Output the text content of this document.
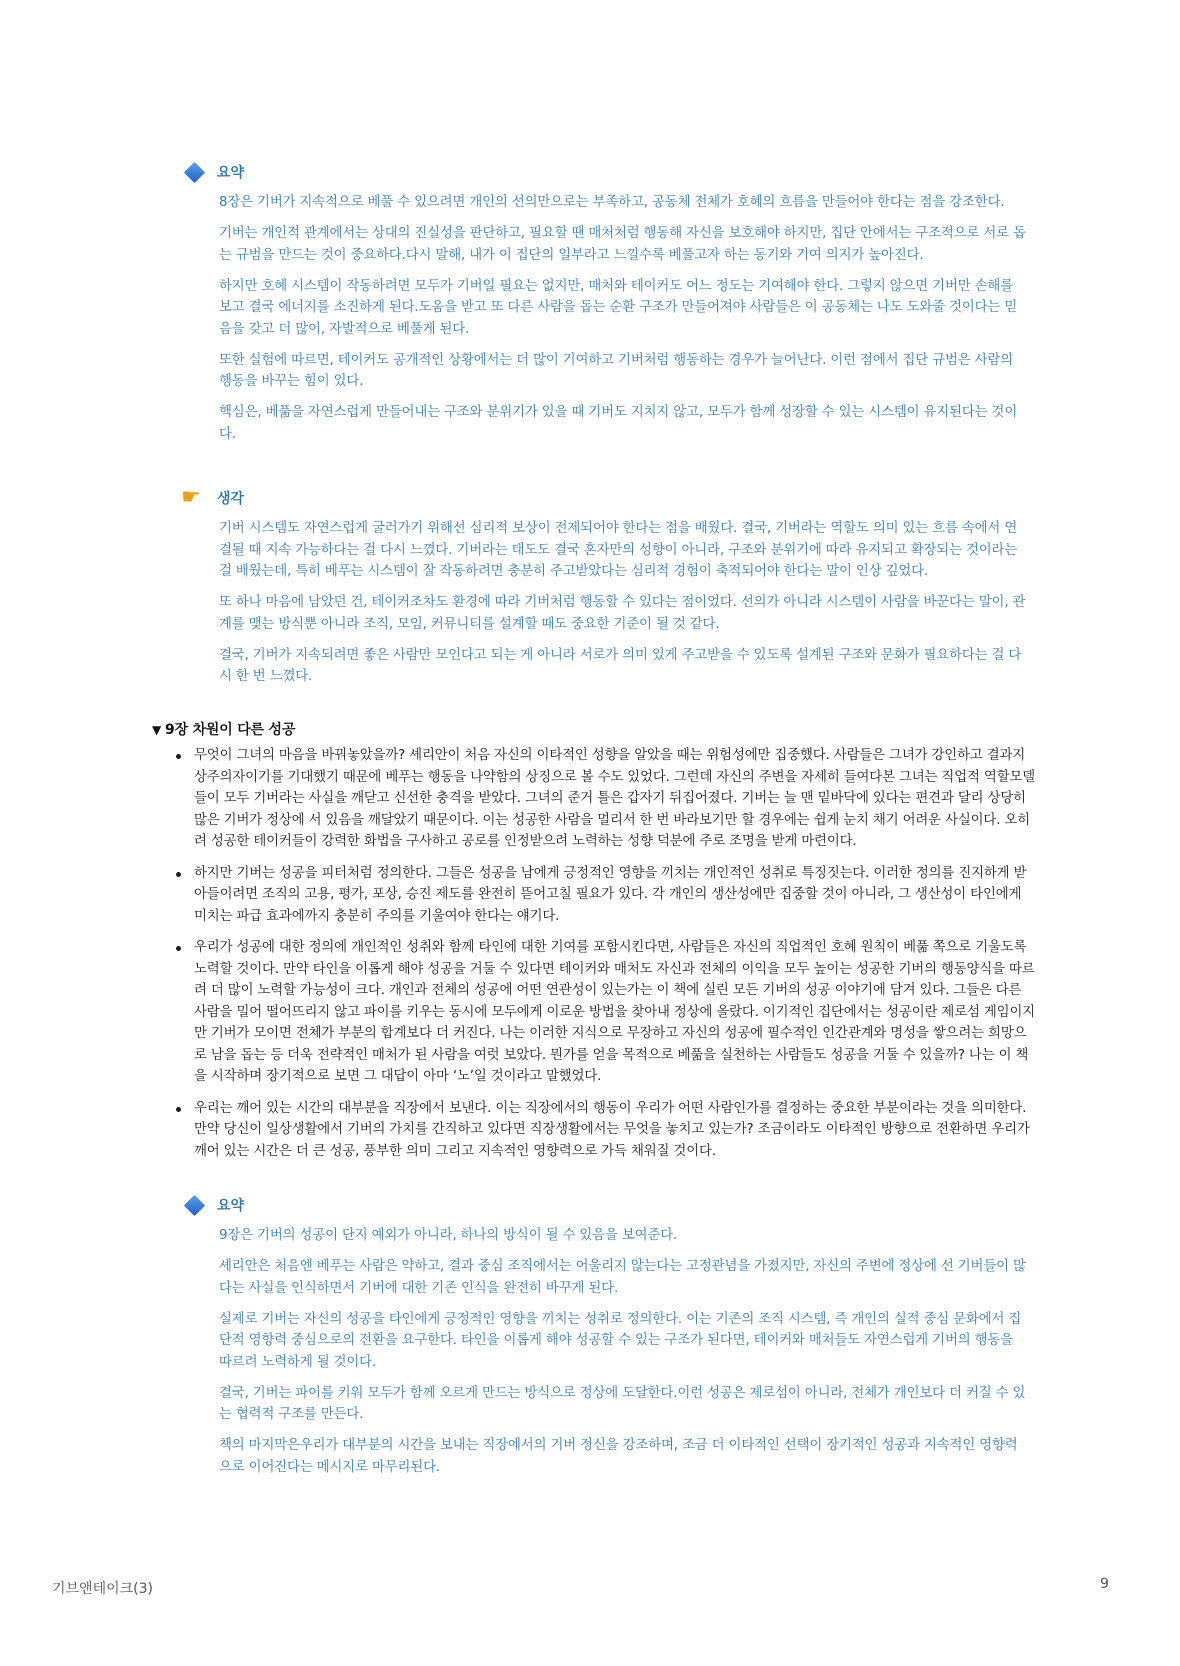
요약

8장은 기버가 지속적으로 베풀 수 있으려면 개인의 선의만으로는 부족하고, 공동체 전체가 호혜의 흐름을 만들어야 한다는 점을 강조한다.

기버는 개인적 관계에서는 상대의 진실성을 판단하고, 필요할 땐 매처처럼 행동해 자신을 보호해야 하지만, 집단 안에서는 구조적으로 서로 돕는 규범을 만드는 것이 중요하다.다시 말해, 내가 이 집단의 일부라고 느낄수록 베풀고자 하는 동기와 기여 의지가 높아진다.

하지만 호혜 시스템이 작동하려면 모두가 기버일 필요는 없지만, 매처와 테이커도 어느 정도는 기여해야 한다. 그렇지 않으면 기버만 손해를 보고 결국 에너지를 소진하게 된다.도움을 받고 또 다른 사람을 돕는 순환 구조가 만들어져야 사람들은 이 공동체는 나도 도와줄 것이다는 믿음을 갖고 더 많이, 자발적으로 베풀게 된다.

또한 실험에 따르면, 테이커도 공개적인 상황에서는 더 많이 기여하고 기버처럼 행동하는 경우가 늘어난다. 이런 점에서 집단 규범은 사람의 행동을 바꾸는 힘이 있다.

핵심은, 베풂을 자연스럽게 만들어내는 구조와 분위기가 있을 때 기버도 지치지 않고, 모두가 함께 성장할 수 있는 시스템이 유지된다는 것이다.

☛ 생각

기버 시스템도 자연스럽게 굴러가기 위해선 심리적 보상이 전제되어야 한다는 점을 배웠다. 결국, 기버라는 역할도 의미 있는 흐름 속에서 연결될 때 지속 가능하다는 걸 다시 느꼈다. 기버라는 태도도 결국 혼자만의 성향이 아니라, 구조와 분위기에 따라 유지되고 확장되는 것이라는 걸 배웠는데, 특히 베푸는 시스템이 잘 작동하려면 충분히 주고받았다는 심리적 경험이 축적되어야 한다는 말이 인상 깊었다.

또 하나 마음에 남았던 건, 테이커조차도 환경에 따라 기버처럼 행동할 수 있다는 점이었다. 선의가 아니라 시스템이 사람을 바꾼다는 말이, 관계를 맺는 방식뿐 아니라 조직, 모임, 커뮤니티를 설계할 때도 중요한 기준이 될 것 같다.

결국, 기버가 지속되려면 좋은 사람만 모인다고 되는 게 아니라 서로가 의미 있게 주고받을 수 있도록 설계된 구조와 문화가 필요하다는 걸 다시 한 번 느꼈다.

▼ 9장 차원이 다른 성공
무엇이 그녀의 마음을 바꿔놓았을까? 셰리안이 처음 자신의 이타적인 성향을 알았을 때는 위험성에만 집중했다. 사람들은 그녀가 강인하고 결과지상주의자이기를 기대했기 때문에 베푸는 행동을 나약함의 상징으로 볼 수도 있었다. 그런데 자신의 주변을 자세히 들여다본 그녀는 직업적 역할모델들이 모두 기버라는 사실을 깨닫고 신선한 충격을 받았다. 그녀의 준거 틀은 갑자기 뒤집어졌다. 기버는 늘 맨 밑바닥에 있다는 편견과 달리 상당히 많은 기버가 정상에 서 있음을 깨달았기 때문이다. 이는 성공한 사람을 멀리서 한 번 바라보기만 할 경우에는 쉽게 눈치 채기 어려운 사실이다. 오히려 성공한 테이커들이 강력한 화법을 구사하고 공로를 인정받으려 노력하는 성향 덕분에 주로 조명을 받게 마련이다.
하지만 기버는 성공을 피터처럼 정의한다. 그들은 성공을 남에게 긍정적인 영향을 끼치는 개인적인 성취로 특징짓는다. 이러한 정의를 진지하게 받아들이려면 조직의 고용, 평가, 포상, 승진 제도를 완전히 뜯어고칠 필요가 있다. 각 개인의 생산성에만 집중할 것이 아니라, 그 생산성이 타인에게 미치는 파급 효과에까지 충분히 주의를 기울여야 한다는 얘기다.
우리가 성공에 대한 정의에 개인적인 성취와 함께 타인에 대한 기여를 포함시킨다면, 사람들은 자신의 직업적인 호혜 원칙이 베풂 쪽으로 기울도록 노력할 것이다. 만약 타인을 이롭게 해야 성공을 거둘 수 있다면 테이커와 매처도 자신과 전체의 이익을 모두 높이는 성공한 기버의 행동양식을 따르려 더 많이 노력할 가능성이 크다. 개인과 전체의 성공에 어떤 연관성이 있는가는 이 책에 실린 모든 기버의 성공 이야기에 담겨 있다. 그들은 다른 사람을 밀어 떨어뜨리지 않고 파이를 키우는 동시에 모두에게 이로운 방법을 찾아내 정상에 올랐다. 이기적인 집단에서는 성공이란 제로섬 게임이지만 기버가 모이면 전체가 부분의 합계보다 더 커진다. 나는 이러한 지식으로 무장하고 자신의 성공에 필수적인 인간관계와 명성을 쌓으려는 희망으로 남을 돕는 등 더욱 전략적인 매처가 된 사람을 여럿 보았다. 뭔가를 얻을 목적으로 베풂을 실천하는 사람들도 성공을 거둘 수 있을까? 나는 이 책을 시작하며 장기적으로 보면 그 대답이 아마 ‘노’일 것이라고 말했었다.
우리는 깨어 있는 시간의 대부분을 직장에서 보낸다. 이는 직장에서의 행동이 우리가 어떤 사람인가를 결정하는 중요한 부분이라는 것을 의미한다. 만약 당신이 일상생활에서 기버의 가치를 간직하고 있다면 직장생활에서는 무엇을 놓치고 있는가? 조금이라도 이타적인 방향으로 전환하면 우리가 깨어 있는 시간은 더 큰 성공, 풍부한 의미 그리고 지속적인 영향력으로 가득 채워질 것이다.
요약

9장은 기버의 성공이 단지 예외가 아니라, 하나의 방식이 될 수 있음을 보여준다.

셰리안은 처음엔 베푸는 사람은 약하고, 결과 중심 조직에서는 어울리지 않는다는 고정관념을 가졌지만, 자신의 주변에 정상에 선 기버들이 많다는 사실을 인식하면서 기버에 대한 기존 인식을 완전히 바꾸게 된다.

실제로 기버는 자신의 성공을 타인에게 긍정적인 영향을 끼치는 성취로 정의한다. 이는 기존의 조직 시스템, 즉 개인의 실적 중심 문화에서 집단적 영향력 중심으로의 전환을 요구한다. 타인을 이롭게 해야 성공할 수 있는 구조가 된다면, 테이커와 매처들도 자연스럽게 기버의 행동을 따르려 노력하게 될 것이다.

결국, 기버는 파이를 키워 모두가 함께 오르게 만드는 방식으로 정상에 도달한다.이런 성공은 제로섬이 아니라, 전체가 개인보다 더 커질 수 있는 협력적 구조를 만든다.

책의 마지막은우리가 대부분의 시간을 보내는 직장에서의 기버 정신을 강조하며, 조금 더 이타적인 선택이 장기적인 성공과 지속적인 영향력으로 이어진다는 메시지로 마무리된다.

기브앤테이크(3)	9
